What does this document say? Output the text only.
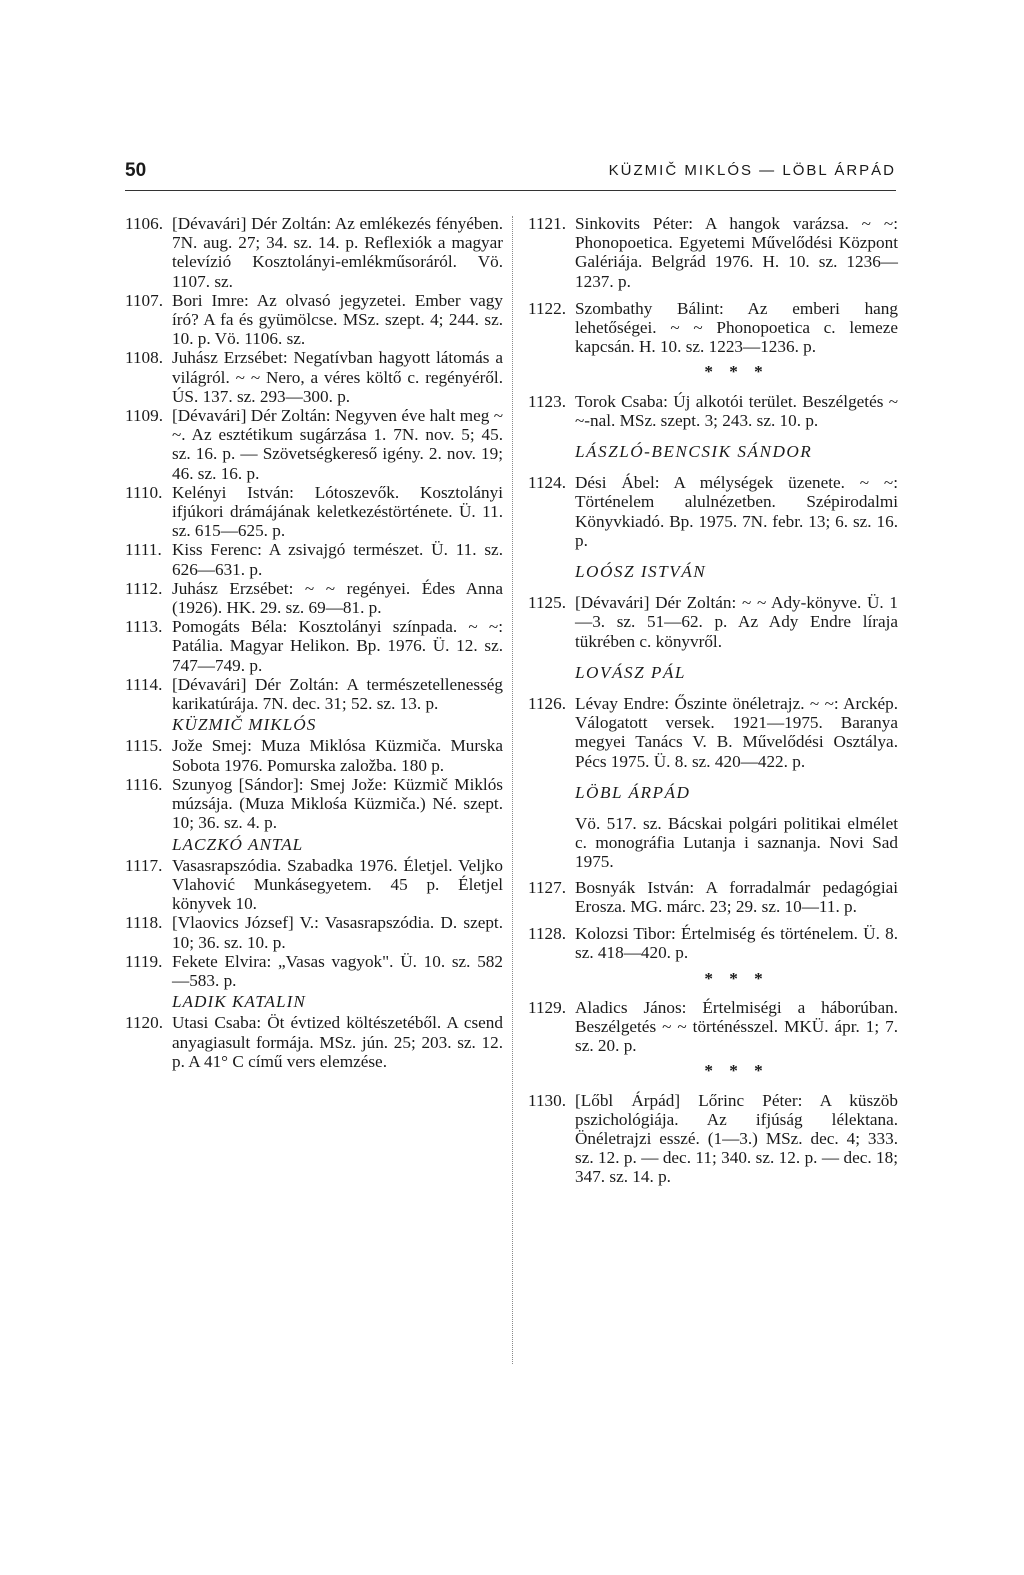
50	KÜZMIČ MIKLÓS — LÖBL ÁRPÁD

1106. [Dévavári] Dér Zoltán: Az emlékezés fényében. 7N. aug. 27; 34. sz. 14. p. Reflexiók a magyar televízió Kosztolányi-emlékműsoráról. Vö. 1107. sz.

1107. Bori Imre: Az olvasó jegyzetei. Ember vagy író? A fa és gyümölcse. MSz. szept. 4; 244. sz. 10. p. Vö. 1106. sz.

1108. Juhász Erzsébet: Negatívban hagyott látomás a világról. ~ ~ Nero, a véres költő c. regényéről. ÚS. 137. sz. 293—300. p.

1109. [Dévavári] Dér Zoltán: Negyven éve halt meg ~ ~. Az esztétikum sugárzása 1. 7N. nov. 5; 45. sz. 16. p. — Szövetségkereső igény. 2. nov. 19; 46. sz. 16. p.

1110. Kelényi István: Lótoszevők. Kosztolányi ifjúkori drámájának keletkezéstörténete. Ü. 11. sz. 615—625. p.

1111. Kiss Ferenc: A zsivajgó természet. Ü. 11. sz. 626—631. p.

1112. Juhász Erzsébet: ~ ~ regényei. Édes Anna (1926). HK. 29. sz. 69—81. p.

1113. Pomogáts Béla: Kosztolányi színpada. ~ ~: Patália. Magyar Helikon. Bp. 1976. Ü. 12. sz. 747—749. p.

1114. [Dévavári] Dér Zoltán: A természetellenesség karikatúrája. 7N. dec. 31; 52. sz. 13. p.

KÜZMIČ MIKLÓS

1115. Jože Smej: Muza Miklósa Küzmiča. Murska Sobota 1976. Pomurska založba. 180 p.

1116. Szunyog [Sándor]: Smej Jože: Küzmič Miklós múzsája. (Muza Miklośa Küzmiča.) Né. szept. 10; 36. sz. 4. p.

LACZKÓ ANTAL

1117. Vasasrapszódia. Szabadka 1976. Életjel. Veljko Vlahović Munkásegyetem. 45 p. Életjel könyvek 10.

1118. [Vlaovics József] V.: Vasasrapszódia. D. szept. 10; 36. sz. 10. p.

1119. Fekete Elvira: „Vasas vagyok". Ü. 10. sz. 582—583. p.

LADIK KATALIN

1120. Utasi Csaba: Öt évtized költészetéből. A csend anyagiasult formája. MSz. jún. 25; 203. sz. 12. p. A 41° C című vers elemzése.

1121. Sinkovits Péter: A hangok varázsa. ~ ~: Phonopoetica. Egyetemi Művelődési Központ Galériája. Belgrád 1976. H. 10. sz. 1236—1237. p.

1122. Szombathy Bálint: Az emberi hang lehetőségei. ~ ~ Phonopoetica c. lemeze kapcsán. H. 10. sz. 1223—1236. p.

* * *

1123. Torok Csaba: Új alkotói terület. Beszélgetés ~ ~-nal. MSz. szept. 3; 243. sz. 10. p.

LÁSZLÓ-BENCSIK SÁNDOR

1124. Dési Ábel: A mélységek üzenete. ~ ~: Történelem alulnézetben. Szépirodalmi Könyvkiadó. Bp. 1975. 7N. febr. 13; 6. sz. 16. p.

LOÓSZ ISTVÁN

1125. [Dévavári] Dér Zoltán: ~ ~ Ady-könyve. Ü. 1—3. sz. 51—62. p. Az Ady Endre líraja tükrében c. könyvről.

LOVÁSZ PÁL

1126. Lévay Endre: Őszinte önéletrajz. ~ ~: Arckép. Válogatott versek. 1921—1975. Baranya megyei Tanács V. B. Művelődési Osztálya. Pécs 1975. Ü. 8. sz. 420—422. p.

LÖBL ÁRPÁD

Vö. 517. sz. Bácskai polgári politikai elmélet c. monográfia Lutanja i saznanja. Novi Sad 1975.

1127. Bosnyák István: A forradalmár pedagógiai Erosza. MG. márc. 23; 29. sz. 10—11. p.

1128. Kolozsi Tibor: Értelmiség és történelem. Ü. 8. sz. 418—420. p.

* * *

1129. Aladics János: Értelmiségi a háborúban. Beszélgetés ~ ~ történésszel. MKÜ. ápr. 1; 7. sz. 20. p.

* * *

1130. [Lőbl Árpád] Lőrinc Péter: A küszöb pszichológiája. Az ifjúság lélektana. Önéletrajzi esszé. (1—3.) MSz. dec. 4; 333. sz. 12. p. — dec. 11; 340. sz. 12. p. — dec. 18; 347. sz. 14. p.
